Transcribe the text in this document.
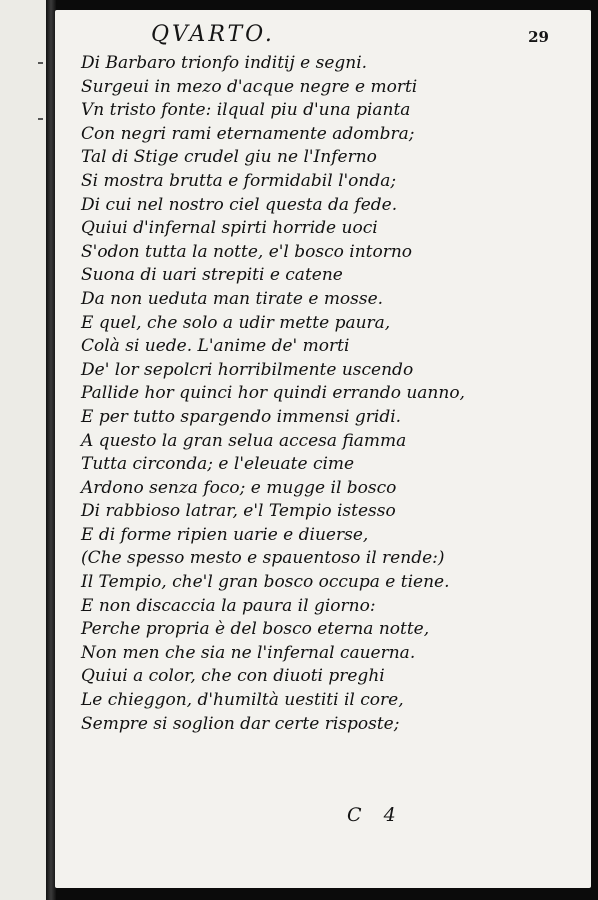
QVARTO.	29
Di Barbaro trionfo inditij e segni.
Surgeui in mezo d'acque negre e morti
Vn tristo fonte: ilqual piu d'una pianta
Con negri rami eternamente adombra;
Tal di Stige crudel giu ne l'Inferno
Si mostra brutta e formidabil l'onda;
Di cui nel nostro ciel questa da fede.
Quiui d'infernal spirti horride uoci
S'odon tutta la notte, e'l bosco intorno
Suona di uari strepiti e catene
Da non ueduta man tirate e mosse.
E quel, che solo a udir mette paura,
Colà si uede. L'anime de' morti
De' lor sepolcri horribilmente uscendo
Pallide hor quinci hor quindi errando uanno,
E per tutto spargendo immensi gridi.
A questo la gran selua accesa fiamma
Tutta circonda; e l'eleuate cime
Ardono senza foco; e mugge il bosco
Di rabbioso latrar, e'l Tempio istesso
E di forme ripien uarie e diuerse,
(Che spesso mesto e spauentoso il rende:)
Il Tempio, che'l gran bosco occupa e tiene.
E non discaccia la paura il giorno:
Perche propria è del bosco eterna notte,
Non men che sia ne l'infernal cauerna.
Quiui a color, che con diuoti preghi
Le chieggon, d'humiltà uestiti il core,
Sempre si soglion dar certe risposte;
C 4
